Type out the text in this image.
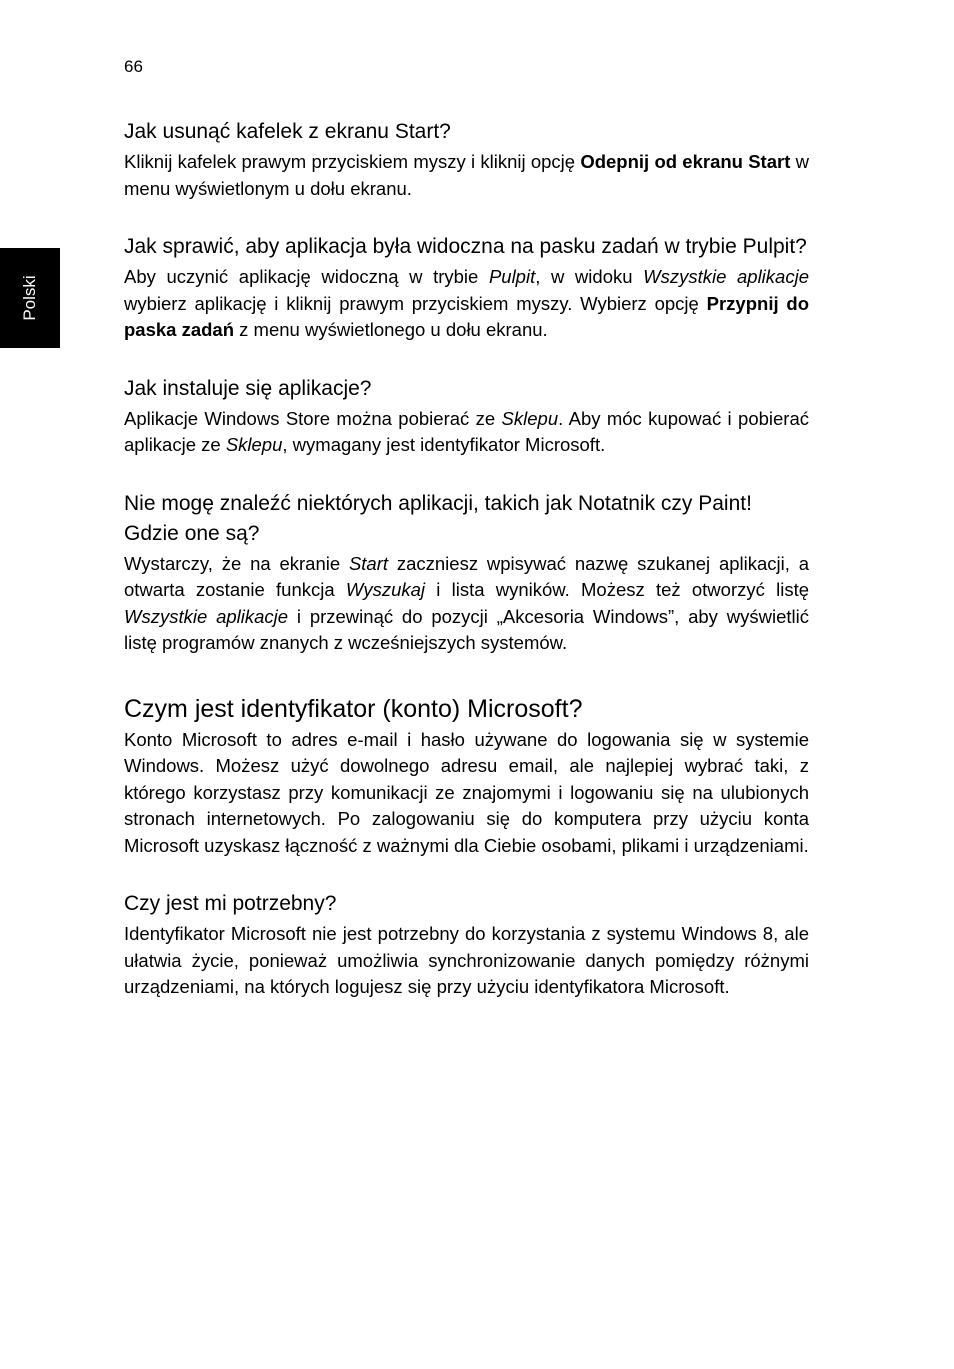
66
Polski
Jak usunąć kafelek z ekranu Start?

Kliknij kafelek prawym przyciskiem myszy i kliknij opcję Odepnij od ekranu Start w menu wyświetlonym u dołu ekranu.

Jak sprawić, aby aplikacja była widoczna na pasku zadań w trybie Pulpit?

Aby uczynić aplikację widoczną w trybie Pulpit, w widoku Wszystkie aplikacje wybierz aplikację i kliknij prawym przyciskiem myszy. Wybierz opcję Przypnij do paska zadań z menu wyświetlonego u dołu ekranu.

Jak instaluje się aplikacje?

Aplikacje Windows Store można pobierać ze Sklepu. Aby móc kupować i pobierać aplikacje ze Sklepu, wymagany jest identyfikator Microsoft.

Nie mogę znaleźć niektórych aplikacji, takich jak Notatnik czy Paint! Gdzie one są?

Wystarczy, że na ekranie Start zaczniesz wpisywać nazwę szukanej aplikacji, a otwarta zostanie funkcja Wyszukaj i lista wyników. Możesz też otworzyć listę Wszystkie aplikacje i przewinąć do pozycji „Akcesoria Windows”, aby wyświetlić listę programów znanych z wcześniejszych systemów.

Czym jest identyfikator (konto) Microsoft?

Konto Microsoft to adres e-mail i hasło używane do logowania się w systemie Windows. Możesz użyć dowolnego adresu email, ale najlepiej wybrać taki, z którego korzystasz przy komunikacji ze znajomymi i logowaniu się na ulubionych stronach internetowych. Po zalogowaniu się do komputera przy użyciu konta Microsoft uzyskasz łączność z ważnymi dla Ciebie osobami, plikami i urządzeniami.

Czy jest mi potrzebny?

Identyfikator Microsoft nie jest potrzebny do korzystania z systemu Windows 8, ale ułatwia życie, ponieważ umożliwia synchronizowanie danych pomiędzy różnymi urządzeniami, na których logujesz się przy użyciu identyfikatora Microsoft.
